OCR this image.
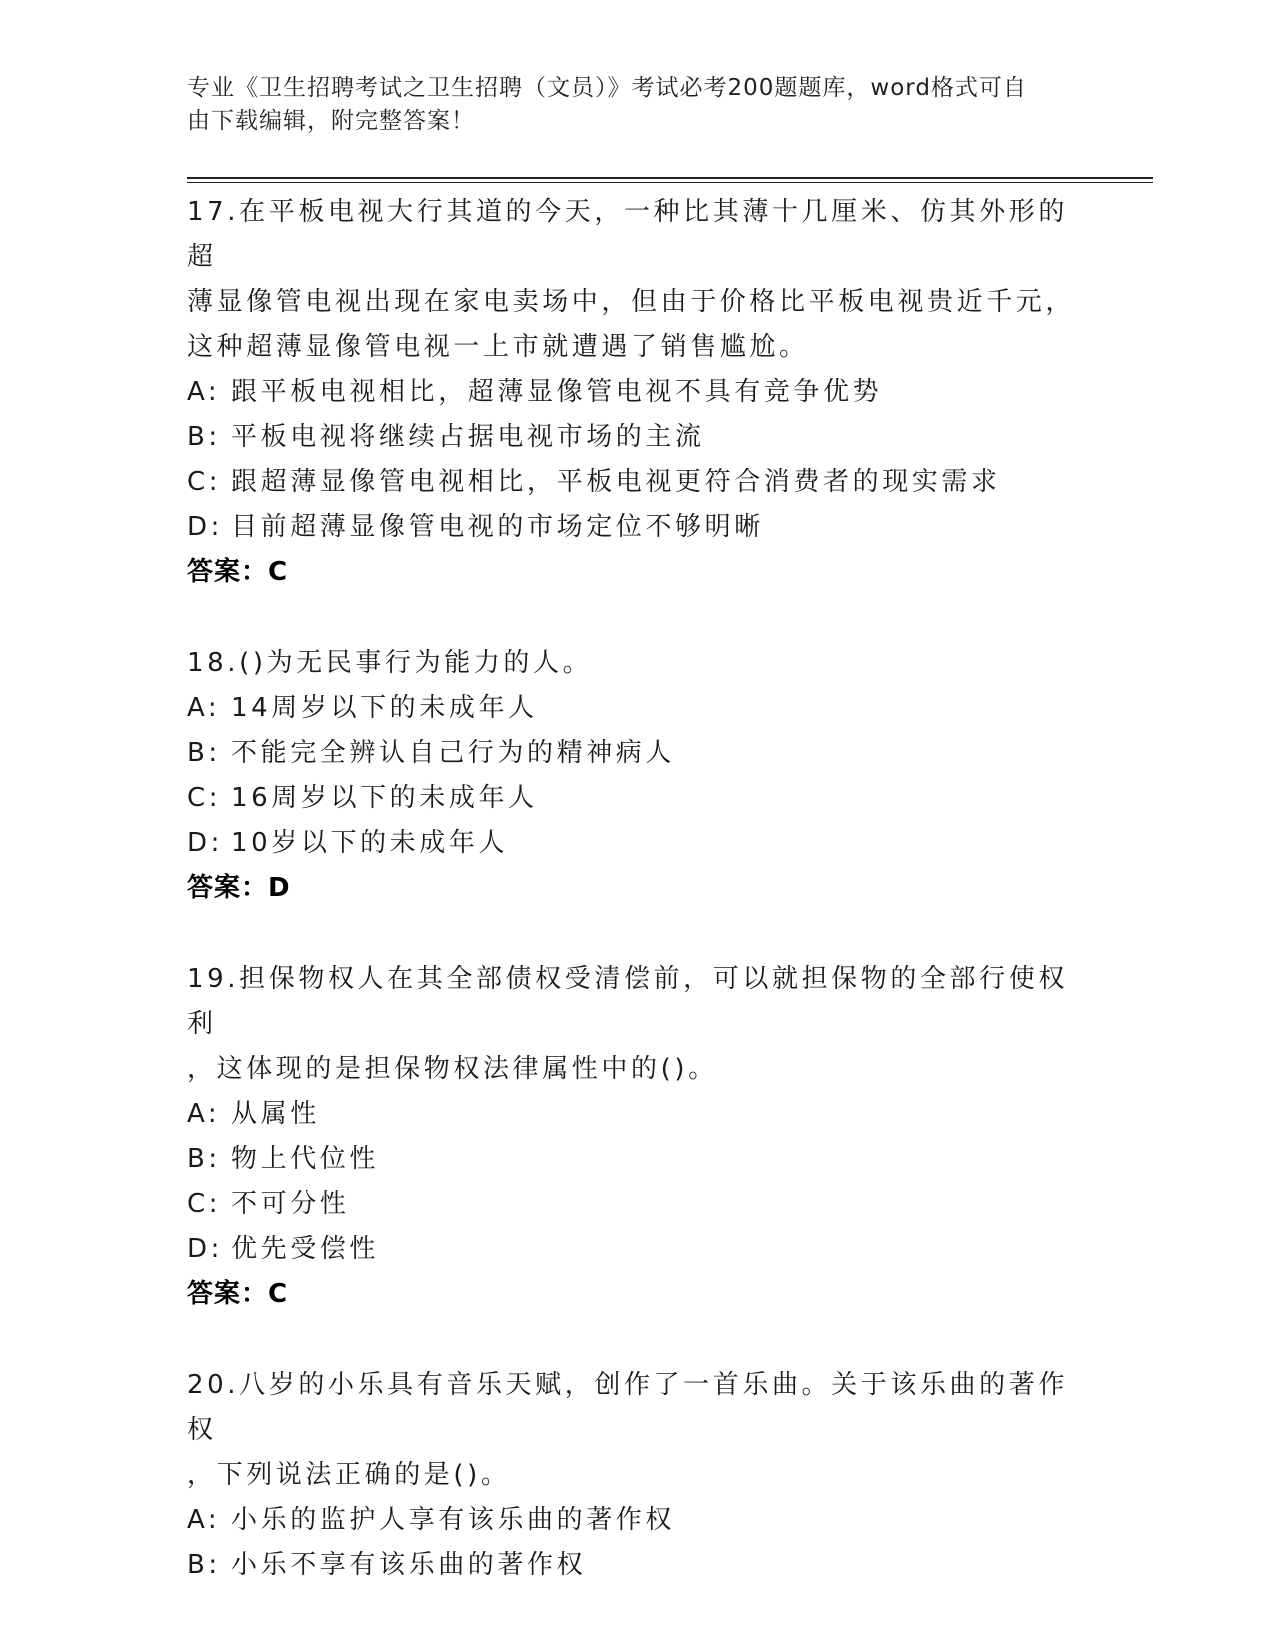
专业《卫生招聘考试之卫生招聘（文员）》考试必考200题题库，word格式可自
由下载编辑，附完整答案！
17.在平板电视大行其道的今天，一种比其薄十几厘米、仿其外形的超
薄显像管电视出现在家电卖场中，但由于价格比平板电视贵近千元，
这种超薄显像管电视一上市就遭遇了销售尴尬。
A: 跟平板电视相比，超薄显像管电视不具有竞争优势
B: 平板电视将继续占据电视市场的主流
C: 跟超薄显像管电视相比，平板电视更符合消费者的现实需求
D: 目前超薄显像管电视的市场定位不够明晰
答案：C
18.()为无民事行为能力的人。
A: 14周岁以下的未成年人
B: 不能完全辨认自己行为的精神病人
C: 16周岁以下的未成年人
D: 10岁以下的未成年人
答案：D
19.担保物权人在其全部债权受清偿前，可以就担保物的全部行使权利
，这体现的是担保物权法律属性中的()。
A: 从属性
B: 物上代位性
C: 不可分性
D: 优先受偿性
答案：C
20.八岁的小乐具有音乐天赋，创作了一首乐曲。关于该乐曲的著作权
，下列说法正确的是()。
A: 小乐的监护人享有该乐曲的著作权
B: 小乐不享有该乐曲的著作权
